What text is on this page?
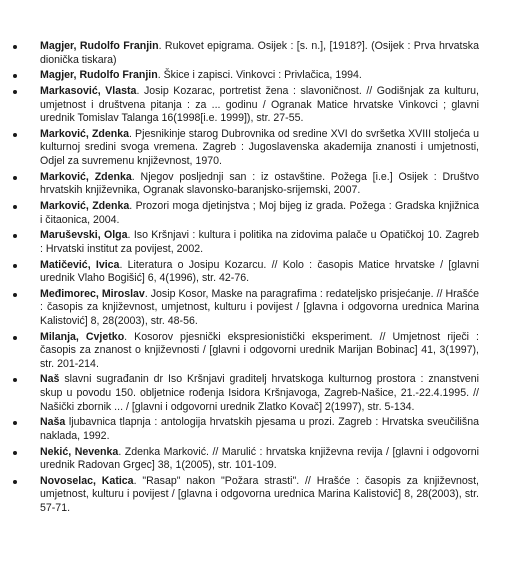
Magjer, Rudolfo Franjin. Rukovet epigrama. Osijek : [s. n.], [1918?]. (Osijek : Prva hrvatska dionička tiskara)
Magjer, Rudolfo Franjin. Škice i zapisci. Vinkovci : Privlačica, 1994.
Markasović, Vlasta. Josip Kozarac, portretist žena : slavoničnost. // Godišnjak za kulturu, umjetnost i društvena pitanja : za ... godinu / Ogranak Matice hrvatske Vinkovci ; glavni urednik Tomislav Talanga 16(1998[i.e. 1999]), str. 27-55.
Marković, Zdenka. Pjesnikinje starog Dubrovnika od sredine XVI do svršetka XVIII stoljeća u kulturnoj sredini svoga vremena. Zagreb : Jugoslavenska akademija znanosti i umjetnosti, Odjel za suvremenu književnost, 1970.
Marković, Zdenka. Njegov posljednji san : iz ostavštine. Požega [i.e.] Osijek : Društvo hrvatskih književnika, Ogranak slavonsko-baranjsko-srijemski, 2007.
Marković, Zdenka. Prozori moga djetinjstva ; Moj bijeg iz grada. Požega : Gradska knjižnica i čitaonica, 2004.
Maruševski, Olga. Iso Kršnjavi : kultura i politika na zidovima palače u Opatičkoj 10. Zagreb : Hrvatski institut za povijest, 2002.
Matičević, Ivica. Literatura o Josipu Kozarcu. // Kolo : časopis Matice hrvatske / [glavni urednik Vlaho Bogišić] 6, 4(1996), str. 42-76.
Međimorec, Miroslav. Josip Kosor, Maske na paragrafima : redateljsko prisjećanje. // Hrašće : časopis za književnost, umjetnost, kulturu i povijest / [glavna i odgovorna urednica Marina Kalistović] 8, 28(2003), str. 48-56.
Milanja, Cvjetko. Kosorov pjesnički ekspresionistički eksperiment. // Umjetnost riječi : časopis za znanost o književnosti / [glavni i odgovorni urednik Marijan Bobinac] 41, 3(1997), str. 201-214.
Naš slavni sugrađanin dr Iso Kršnjavi graditelj hrvatskoga kulturnog prostora : znanstveni skup u povodu 150. obljetnice rođenja Isidora Kršnjavoga, Zagreb-Našice, 21.-22.4.1995. // Našički zbornik ... / [glavni i odgovorni urednik Zlatko Kovač] 2(1997), str. 5-134.
Naša ljubavnica tlapnja : antologija hrvatskih pjesama u prozi. Zagreb : Hrvatska sveučilišna naklada, 1992.
Nekić, Nevenka. Zdenka Marković. // Marulić : hrvatska književna revija / [glavni i odgovorni urednik Radovan Grgec] 38, 1(2005), str. 101-109.
Novoselac, Katica. "Rasap" nakon "Požara strasti". // Hrašće : časopis za književnost, umjetnost, kulturu i povijest / [glavna i odgovorna urednica Marina Kalistović] 8, 28(2003), str. 57-71.
